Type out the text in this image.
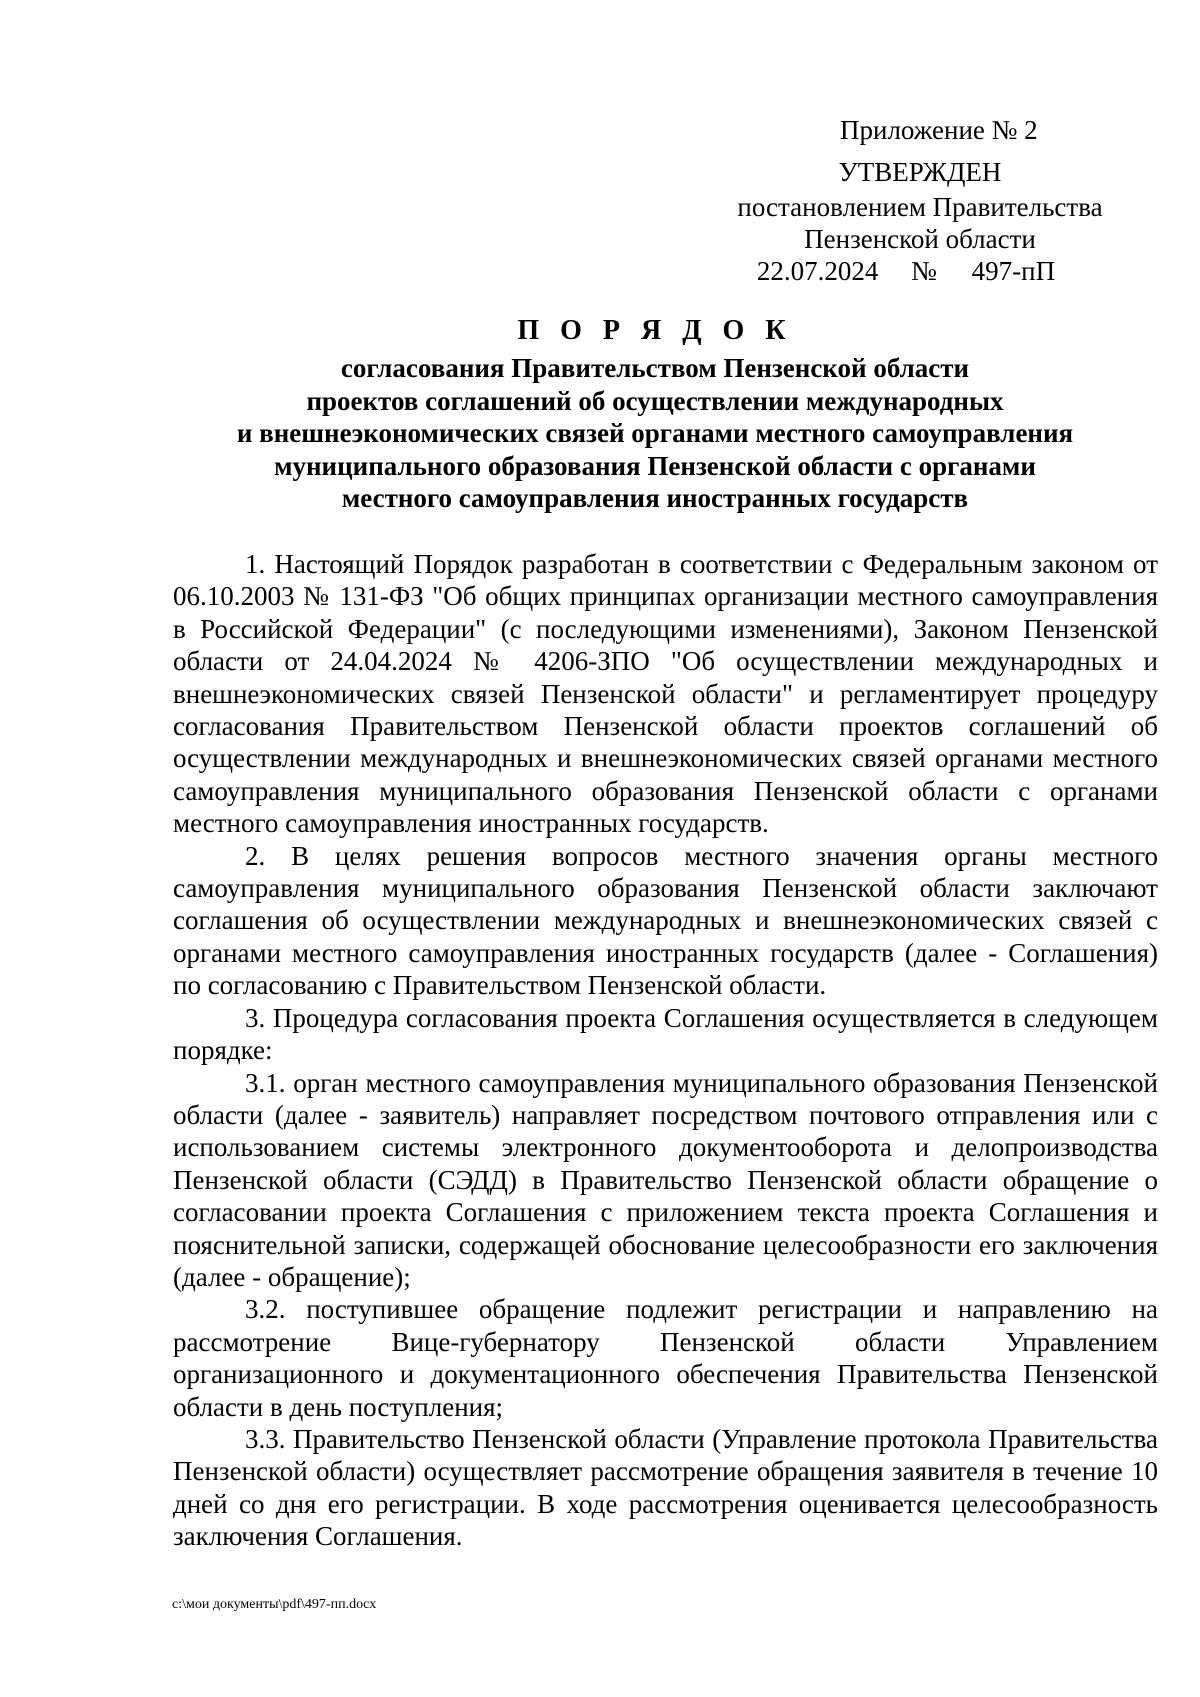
Приложение № 2
УТВЕРЖДЕН
постановлением Правительства
Пензенской области
22.07.2024 № 497-пП
П О Р Я Д О К
согласования Правительством Пензенской области
проектов соглашений об осуществлении международных
и внешнеэкономических связей органами местного самоуправления
муниципального образования Пензенской области с органами
местного самоуправления иностранных государств

1. Настоящий Порядок разработан в соответствии с Федеральным законом от 06.10.2003 № 131-ФЗ "Об общих принципах организации местного самоуправления в Российской Федерации" (с последующими изменениями), Законом Пензенской области от 24.04.2024 № 4206-ЗПО "Об осуществлении международных и внешнеэкономических связей Пензенской области" и регламентирует процедуру согласования Правительством Пензенской области проектов соглашений об осуществлении международных и внешнеэкономических связей органами местного самоуправления муниципального образования Пензенской области с органами местного самоуправления иностранных государств.

2. В целях решения вопросов местного значения органы местного самоуправления муниципального образования Пензенской области заключают соглашения об осуществлении международных и внешнеэкономических связей с органами местного самоуправления иностранных государств (далее - Соглашения) по согласованию с Правительством Пензенской области.

3. Процедура согласования проекта Соглашения осуществляется в следующем порядке:

3.1. орган местного самоуправления муниципального образования Пензенской области (далее - заявитель) направляет посредством почтового отправления или с использованием системы электронного документооборота и делопроизводства Пензенской области (СЭДД) в Правительство Пензенской области обращение о согласовании проекта Соглашения с приложением текста проекта Соглашения и пояснительной записки, содержащей обоснование целесообразности его заключения (далее - обращение);

3.2. поступившее обращение подлежит регистрации и направлению на рассмотрение Вице-губернатору Пензенской области Управлением организационного и документационного обеспечения Правительства Пензенской области в день поступления;

3.3. Правительство Пензенской области (Управление протокола Правительства Пензенской области) осуществляет рассмотрение обращения заявителя в течение 10 дней со дня его регистрации. В ходе рассмотрения оценивается целесообразность заключения Соглашения.

c:\мои документы\pdf\497-пп.docx
